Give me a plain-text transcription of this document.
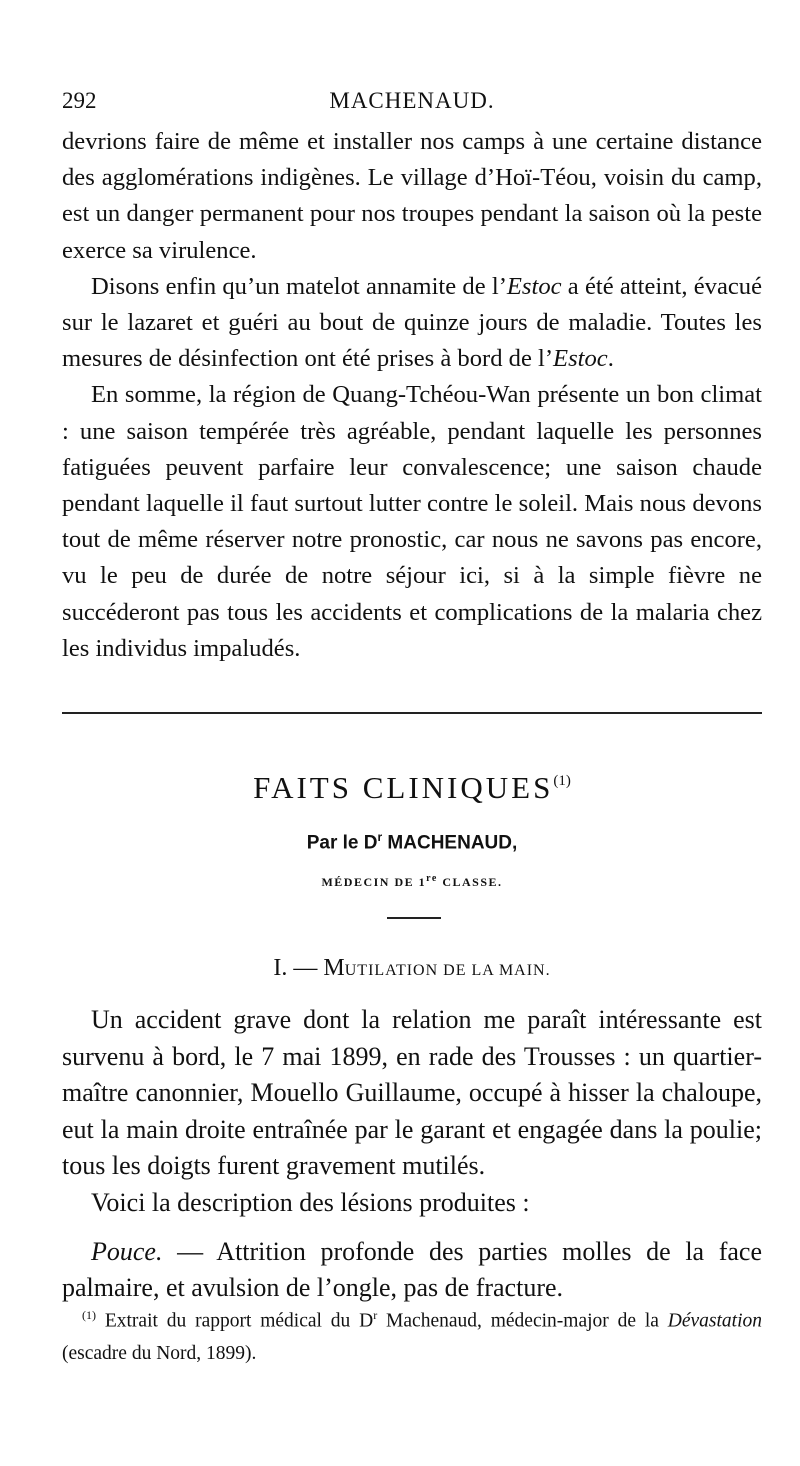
292	MACHENAUD.

devrions faire de même et installer nos camps à une certaine distance des agglomérations indigènes. Le village d’Hoï-Téou, voisin du camp, est un danger permanent pour nos troupes pendant la saison où la peste exerce sa virulence.

Disons enfin qu’un matelot annamite de l’Estoc a été atteint, évacué sur le lazaret et guéri au bout de quinze jours de maladie. Toutes les mesures de désinfection ont été prises à bord de l’Estoc.

En somme, la région de Quang-Tchéou-Wan présente un bon climat : une saison tempérée très agréable, pendant laquelle les personnes fatiguées peuvent parfaire leur convalescence; une saison chaude pendant laquelle il faut surtout lutter contre le soleil. Mais nous devons tout de même réserver notre pronostic, car nous ne savons pas encore, vu le peu de durée de notre séjour ici, si à la simple fièvre ne succéderont pas tous les accidents et complications de la malaria chez les individus impaludés.

FAITS CLINIQUES$^{(1)}$
Par le $D^r$ MACHENAUD,
MÉDECIN DE 1re CLASSE.
I. — MUTILATION DE LA MAIN.

Un accident grave dont la relation me paraît intéressante est survenu à bord, le 7 mai 1899, en rade des Trousses : un quartier-maître canonnier, Mouello Guillaume, occupé à hisser la chaloupe, eut la main droite entraînée par le garant et engagée dans la poulie; tous les doigts furent gravement mutilés.

Voici la description des lésions produites :

Pouce. — Attrition profonde des parties molles de la face palmaire, et avulsion de l’ongle, pas de fracture.

$^{(1)}$ Extrait du rapport médical du $D^r$ Machenaud, médecin-major de la Dévastation (escadre du Nord, 1899).
